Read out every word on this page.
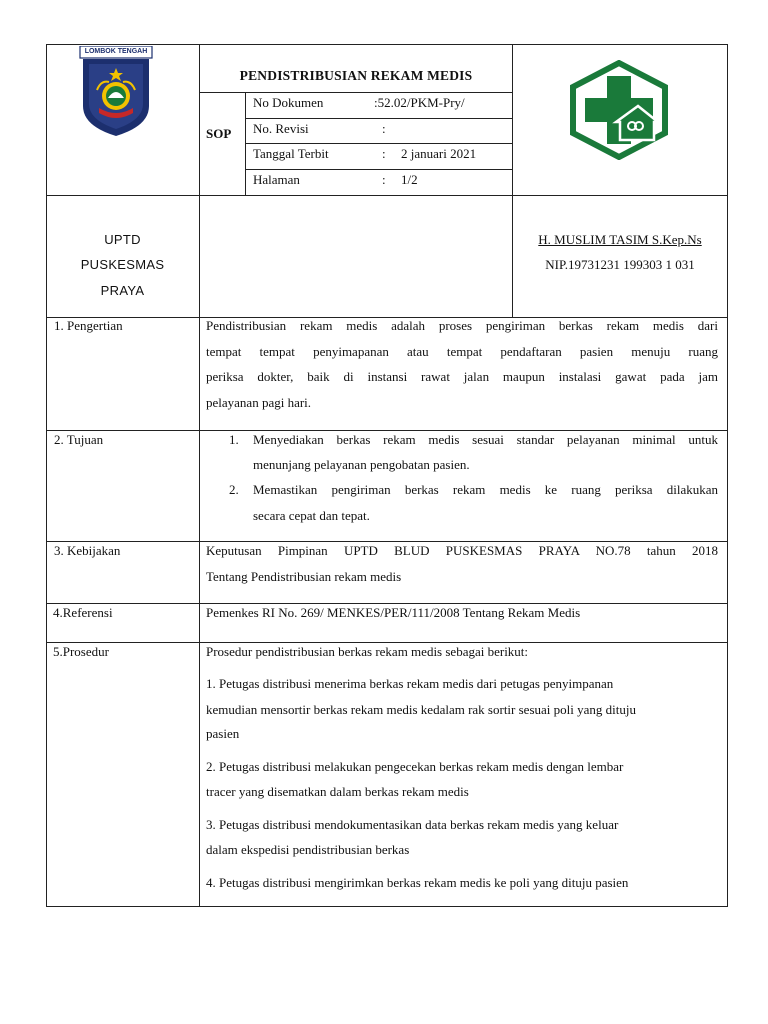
LOMBOK TENGAH
PENDISTRIBUSIAN REKAM MEDIS
SOP
No Dokumen	:52.02/PKM-Pry/
No. Revisi	:
Tanggal Terbit	: 2 januari 2021
Halaman	: 1/2
UPTD
PUSKESMAS
PRAYA
H. MUSLIM TASIM S.Kep.Ns
NIP.19731231 199303 1 031
1. Pengertian	Pendistribusian rekam medis adalah proses pengiriman berkas rekam medis dari
tempat tempat penyimapanan atau tempat pendaftaran pasien menuju ruang
periksa dokter, baik di instansi rawat jalan maupun instalasi gawat pada jam
pelayanan pagi hari.
2. Tujuan	1. Menyediakan berkas rekam medis sesuai standar pelayanan minimal untuk
menunjang pelayanan pengobatan pasien.
2. Memastikan pengiriman berkas rekam medis ke ruang periksa dilakukan
secara cepat dan tepat.
3. Kebijakan	Keputusan Pimpinan UPTD BLUD PUSKESMAS PRAYA NO.78 tahun 2018
Tentang Pendistribusian rekam medis
4.Referensi	Pemenkes RI No. 269/ MENKES/PER/111/2008 Tentang Rekam Medis
5.Prosedur	Prosedur pendistribusian berkas rekam medis sebagai berikut:
1. Petugas distribusi menerima berkas rekam medis dari petugas penyimpanan
kemudian mensortir berkas rekam medis kedalam rak sortir sesuai poli yang dituju
pasien
2. Petugas distribusi melakukan pengecekan berkas rekam medis dengan lembar
tracer yang disematkan dalam berkas rekam medis
3. Petugas distribusi mendokumentasikan data berkas rekam medis yang keluar
dalam ekspedisi pendistribusian berkas
4. Petugas distribusi mengirimkan berkas rekam medis ke poli yang dituju pasien
